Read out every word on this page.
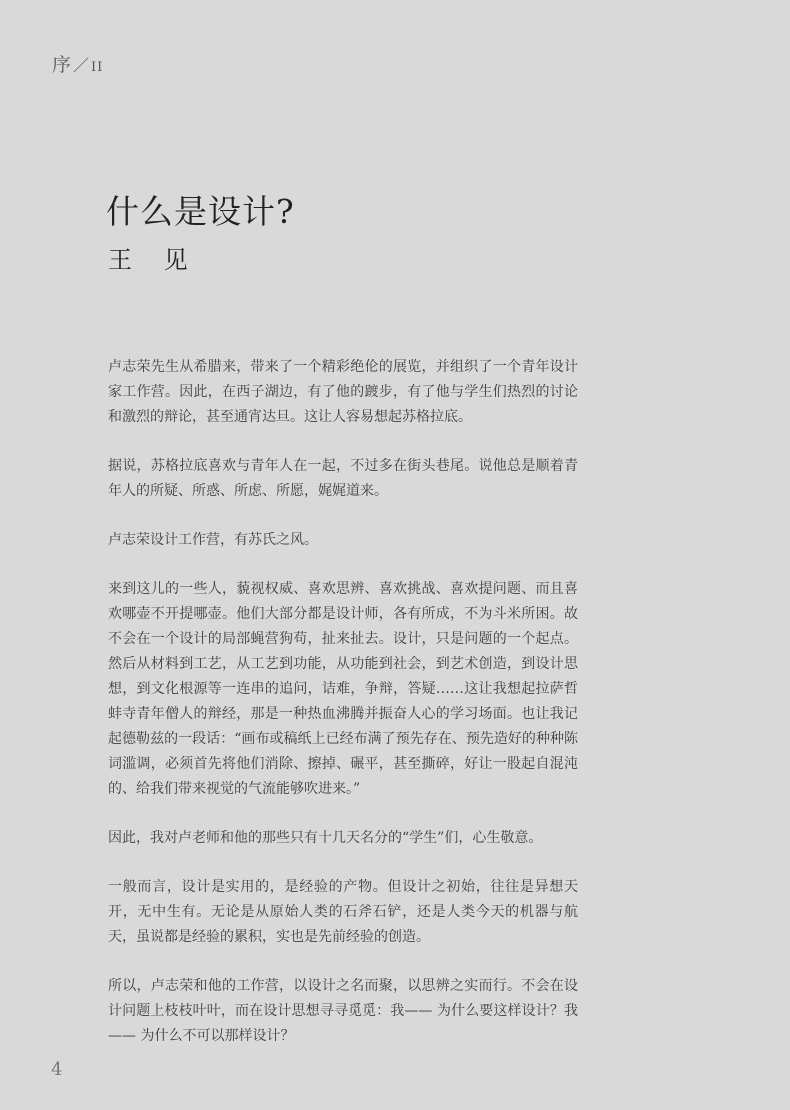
序／II
什么是设计?
王 见

卢志荣先生从希腊来，带来了一个精彩绝伦的展览，并组织了一个青年设计家工作营。因此，在西子湖边，有了他的踱步，有了他与学生们热烈的讨论和激烈的辩论，甚至通宵达旦。这让人容易想起苏格拉底。

据说，苏格拉底喜欢与青年人在一起，不过多在街头巷尾。说他总是顺着青年人的所疑、所惑、所虑、所愿，娓娓道来。

卢志荣设计工作营，有苏氏之风。

来到这儿的一些人，藐视权威、喜欢思辨、喜欢挑战、喜欢提问题、而且喜欢哪壶不开提哪壶。他们大部分都是设计师，各有所成，不为斗米所困。故不会在一个设计的局部蝇营狗苟，扯来扯去。设计，只是问题的一个起点。然后从材料到工艺，从工艺到功能，从功能到社会，到艺术创造，到设计思想，到文化根源等一连串的追问，诘难，争辩，答疑……这让我想起拉萨哲蚌寺青年僧人的辩经，那是一种热血沸腾并振奋人心的学习场面。也让我记起德勒兹的一段话：“画布或稿纸上已经布满了预先存在、预先造好的种种陈词滥调，必须首先将他们消除、擦掉、碾平，甚至撕碎，好让一股起自混沌的、给我们带来视觉的气流能够吹进来。”

因此，我对卢老师和他的那些只有十几天名分的“学生”们，心生敬意。

一般而言，设计是实用的，是经验的产物。但设计之初始，往往是异想天开，无中生有。无论是从原始人类的石斧石铲，还是人类今天的机器与航天，虽说都是经验的累积，实也是先前经验的创造。

所以，卢志荣和他的工作营，以设计之名而聚，以思辨之实而行。不会在设计问题上枝枝叶叶，而在设计思想寻寻觅觅：我—— 为什么要这样设计？我—— 为什么不可以那样设计？

4
